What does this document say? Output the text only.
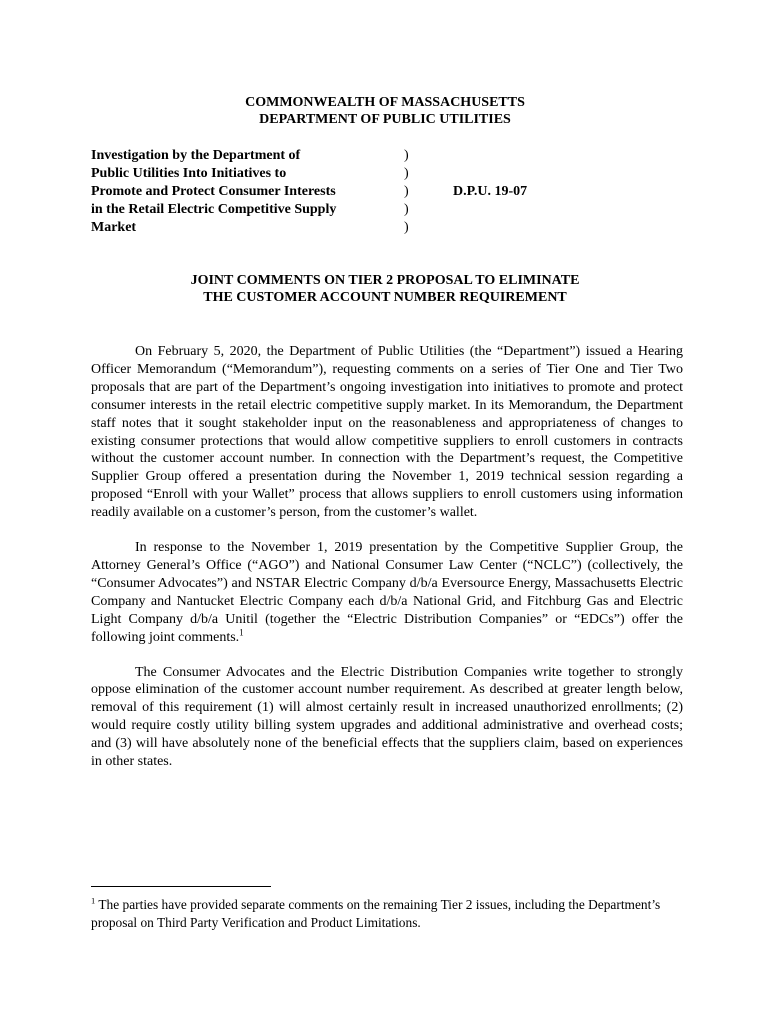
COMMONWEALTH OF MASSACHUSETTS
DEPARTMENT OF PUBLIC UTILITIES
Investigation by the Department of
Public Utilities Into Initiatives to
Promote and Protect Consumer Interests
in the Retail Electric Competitive Supply
Market
)
)
)
)
)
D.P.U. 19-07
JOINT COMMENTS ON TIER 2 PROPOSAL TO ELIMINATE
THE CUSTOMER ACCOUNT NUMBER REQUIREMENT

On February 5, 2020, the Department of Public Utilities (the “Department”) issued a Hearing Officer Memorandum (“Memorandum”), requesting comments on a series of Tier One and Tier Two proposals that are part of the Department’s ongoing investigation into initiatives to promote and protect consumer interests in the retail electric competitive supply market. In its Memorandum, the Department staff notes that it sought stakeholder input on the reasonableness and appropriateness of changes to existing consumer protections that would allow competitive suppliers to enroll customers in contracts without the customer account number. In connection with the Department’s request, the Competitive Supplier Group offered a presentation during the November 1, 2019 technical session regarding a proposed “Enroll with your Wallet” process that allows suppliers to enroll customers using information readily available on a customer’s person, from the customer’s wallet.

In response to the November 1, 2019 presentation by the Competitive Supplier Group, the Attorney General’s Office (“AGO”) and National Consumer Law Center (“NCLC”) (collectively, the “Consumer Advocates”) and NSTAR Electric Company d/b/a Eversource Energy, Massachusetts Electric Company and Nantucket Electric Company each d/b/a National Grid, and Fitchburg Gas and Electric Light Company d/b/a Unitil (together the “Electric Distribution Companies” or “EDCs”) offer the following joint comments.$^1$

The Consumer Advocates and the Electric Distribution Companies write together to strongly oppose elimination of the customer account number requirement. As described at greater length below, removal of this requirement (1) will almost certainly result in increased unauthorized enrollments; (2) would require costly utility billing system upgrades and additional administrative and overhead costs; and (3) will have absolutely none of the beneficial effects that the suppliers claim, based on experiences in other states.

$^1$ The parties have provided separate comments on the remaining Tier 2 issues, including the Department’s proposal on Third Party Verification and Product Limitations.
